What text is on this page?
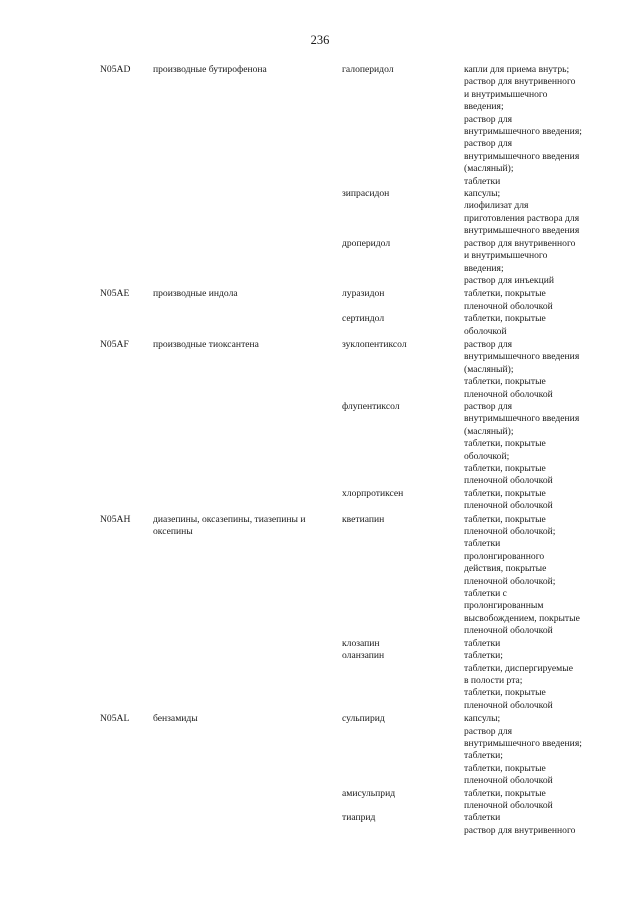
236
N05AD	производные бутирофенона	галоперидол	капли для приема внутрь;
раствор для внутривенного
и внутримышечного
введения;
раствор для
внутримышечного введения;
раствор для
внутримышечного введения
(масляный);
таблетки
зипрасидон	капсулы;
лиофилизат для
приготовления раствора для
внутримышечного введения
дроперидол	раствор для внутривенного
и внутримышечного
введения;
раствор для инъекций
N05AE	производные индола	луразидон	таблетки, покрытые
пленочной оболочкой
сертиндол	таблетки, покрытые
оболочкой
N05AF	производные тиоксантена	зуклопентиксол	раствор для
внутримышечного введения
(масляный);
таблетки, покрытые
пленочной оболочкой
флупентиксол	раствор для
внутримышечного введения
(масляный);
таблетки, покрытые
оболочкой;
таблетки, покрытые
пленочной оболочкой
хлорпротиксен	таблетки, покрытые
пленочной оболочкой
N05AH	диазепины, оксазепины, тиазепины и оксепины
кветиапин	таблетки, покрытые
пленочной оболочкой;
таблетки
пролонгированного
действия, покрытые
пленочной оболочкой;
таблетки с
пролонгированным
высвобождением, покрытые
пленочной оболочкой
клозапин	таблетки
оланзапин	таблетки;
таблетки, диспергируемые
в полости рта;
таблетки, покрытые
пленочной оболочкой
N05AL	бензамиды	сульпирид	капсулы;
раствор для
внутримышечного введения;
таблетки;
таблетки, покрытые
пленочной оболочкой
амисульприд	таблетки, покрытые
пленочной оболочкой
тиаприд	таблетки
раствор для внутривенного
